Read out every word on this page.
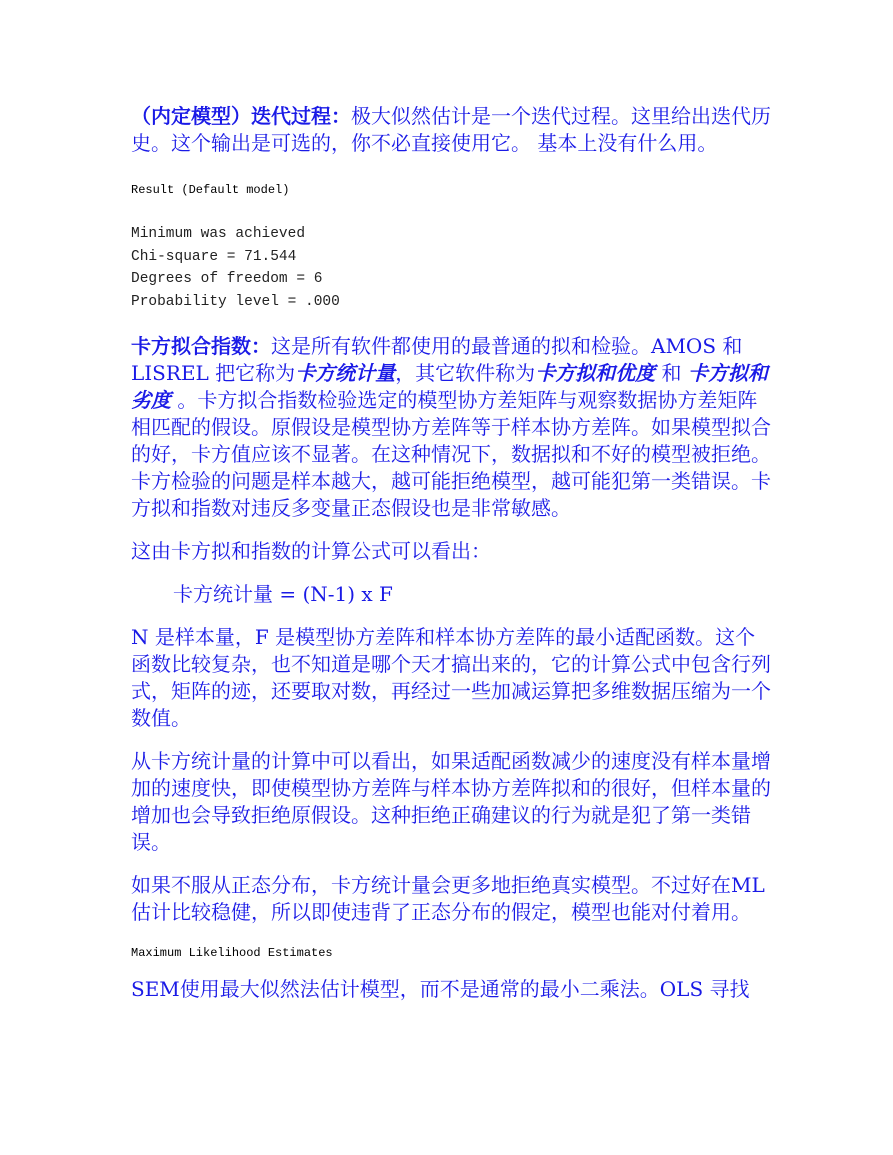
（内定模型）迭代过程：极大似然估计是一个迭代过程。这里给出迭代历史。这个输出是可选的，你不必直接使用它。 基本上没有什么用。

Result (Default model)

Minimum was achieved

Chi-square = 71.544

Degrees of freedom = 6

Probability level = .000

卡方拟合指数：这是所有软件都使用的最普通的拟和检验。AMOS 和 LISREL 把它称为卡方统计量，其它软件称为卡方拟和优度 和 卡方拟和劣度 。卡方拟合指数检验选定的模型协方差矩阵与观察数据协方差矩阵相匹配的假设。原假设是模型协方差阵等于样本协方差阵。如果模型拟合的好，卡方值应该不显著。在这种情况下，数据拟和不好的模型被拒绝。卡方检验的问题是样本越大，越可能拒绝模型，越可能犯第一类错误。卡方拟和指数对违反多变量正态假设也是非常敏感。

这由卡方拟和指数的计算公式可以看出：

卡方统计量 = (N-1) x F

N 是样本量，F 是模型协方差阵和样本协方差阵的最小适配函数。这个函数比较复杂，也不知道是哪个天才搞出来的，它的计算公式中包含行列式，矩阵的迹，还要取对数，再经过一些加减运算把多维数据压缩为一个数值。

从卡方统计量的计算中可以看出，如果适配函数减少的速度没有样本量增加的速度快，即使模型协方差阵与样本协方差阵拟和的很好，但样本量的增加也会导致拒绝原假设。这种拒绝正确建议的行为就是犯了第一类错误。

如果不服从正态分布，卡方统计量会更多地拒绝真实模型。不过好在ML估计比较稳健，所以即使违背了正态分布的假定，模型也能对付着用。

Maximum Likelihood Estimates

SEM使用最大似然法估计模型，而不是通常的最小二乘法。OLS 寻找
